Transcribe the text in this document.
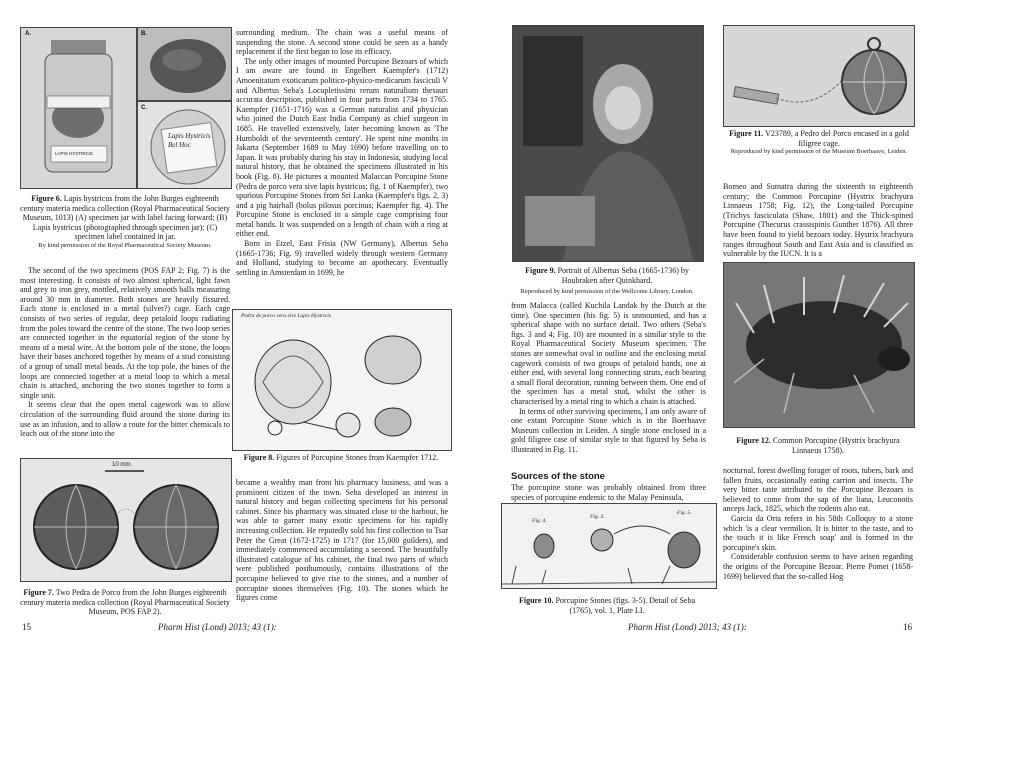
A.
LAPIS HYSTRICIS
B.
C.
Lapis Hystricis Bel Hoc
Figure 6. Lapis hystricus from the John Burges eighteenth century materia medica collection (Royal Pharmaceutical Society Museum, 1013) (A) specimen jar with label facing forward; (B) Lapis hystricus (photographed through specimen jar); (C) specimen label contained in jar.
By kind permission of the Royal Pharmaceutical Society Museum.

The second of the two specimens (POS FAP 2; Fig. 7) is the most interesting. It consists of two almost spherical, light fawn and grey to iron grey, mottled, relatively smooth balls measuring around 30 mm in diameter. Both stones are heavily fissured. Each stone is enclosed in a metal (silver?) cage. Each cage consists of two series of regular, deep petaloid loops radiating from the poles toward the centre of the stone. The two loop series are connected together in the equatorial region of the stone by means of a metal wire. At the bottom pole of the stone, the loops have their bases anchored together by means of a stud consisting of a group of small metal beads. At the top pole, the bases of the loops are connected together at a metal loop to which a metal chain is attached, anchoring the two stones together to form a single unit.

It seems clear that the open metal cagework was to allow circulation of the surrounding fluid around the stone during its use as an infusion, and to allow a route for the bitter chemicals to leach out of the stone into the

10 mm.
Figure 7. Two Pedra de Porco from the John Burges eighteenth century materia medica collection (Royal Pharmaceutical Society Museum, POS FAP 2).

surrounding medium. The chain was a useful means of suspending the stone. A second stone could be seen as a handy replacement if the first began to lose its efficacy.

The only other images of mounted Porcupine Bezoars of which I am aware are found in Engelbert Kaempfer's (1712) Amoenitatum exoticarum politico-physico-medicarum fasciculi V and Albertus Seba's Locupletissimi rerum naturalium thesauri accurata description, published in four parts from 1734 to 1765. Kaempfer (1651-1716) was a German naturalist and physician who joined the Dutch East India Company as chief surgeon in 1685. He travelled extensively, later becoming known as 'The Humboldt of the seventeenth century'. He spent nine months in Jakarta (September 1689 to May 1690) before travelling on to Japan. It was probably during his stay in Indonesia, studying local natural history, that he obtained the specimens illustrated in his book (Fig. 8). He pictures a mounted Malaccan Porcupine Stone (Pedra de porco vera sive lapis hystricus; fig. 1 of Kaempfer), two spurious Porcupine Stones from Sri Lanka (Kaempfer's figs. 2, 3) and a pig hairball (bolus pilosus porcinus; Kaempfer fig. 4). The Porcupine Stone is enclosed in a simple cage comprising four metal bands. It was suspended on a length of chain with a ring at either end.

Born in Etzel, East Frisia (NW Germany), Albertus Seba (1665-1736; Fig. 9) travelled widely through western Germany and Holland, studying to become an apothecary. Eventually settling in Amsterdam in 1699, he

Pedra de porco vera sive Lapis Hystricis
Figure 8. Figures of Porcupine Stones from Kaempfer 1712.

became a wealthy man from his pharmacy business, and was a prominent citizen of the town. Seba developed an interest in natural history and began collecting specimens for his personal cabinet. Since his pharmacy was situated close to the harbour, he was able to garner many exotic specimens for his rapidly increasing collection. He reputedly sold his first collection to Tsar Peter the Great (1672-1725) in 1717 (for 15,000 guilders), and immediately commenced accumulating a second. The beautifully illustrated catalogue of his cabinet, the final two parts of which were published posthumously, contains illustrations of the porcupine believed to give rise to the stones, and a number of porcupine stones themselves (Fig. 10). The stones which he figures come

15	Pharm Hist (Lond) 2013; 43 (1):
Figure 9. Portrait of Albertus Seba (1665-1736) by Houbraken after Quinkhard.
Reproduced by kind permission of the Wellcome Library, London.

from Malacca (called Kuchila Landak by the Dutch at the time). One specimen (his fig. 5) is unmounted, and has a spherical shape with no surface detail. Two others (Seba's figs. 3 and 4; Fig. 10) are mounted in a similar style to the Royal Pharmaceutical Society Museum specimen. The stones are somewhat oval in outline and the enclosing metal cagework consists of two groups of petaloid bands, one at either end, with several long connecting struts, each bearing a small floral decoration, running between them. One end of the specimen has a metal stud, whilst the other is characterised by a metal ring to which a chain is attached.

In terms of other surviving specimens, I am only aware of one extant Porcupine Stone which is in the Boerhaave Museum collection in Leiden. A single stone enclosed in a gold filigree case of similar style to that figured by Seba is illustrated in Fig. 11.

Sources of the stone

The porcupine stone was probably obtained from three species of porcupine endemic to the Malay Peninsula,

Fig. 4.
Fig. 3.
Fig. 5.
Figure 10. Porcupine Stones (figs. 3-5). Detail of Seba (1765), vol. 1, Plate LI.
Figure 11. V23789, a Pedro del Porco encased in a gold filigree cage.
Reproduced by kind permission of the Museum Boerhaave, Leiden.

Borneo and Sumatra during the sixteenth to eighteenth century; the Common Porcupine (Hystrix brachyura Linnaeus 1758; Fig. 12), the Long-tailed Porcupine (Trichys fasciculata (Shaw, 1801) and the Thick-spined Porcupine (Thecurus crassispinis Gunther 1876). All three have been found to yield bezoars today. Hystrix brachyura ranges throughout South and East Asia and is classified as vulnerable by the IUCN. It is a

Figure 12. Common Porcupine (Hystrix brachyura Linnaeus 1758).

nocturnal, forest dwelling forager of roots, tubers, bark and fallen fruits, occasionally eating carrion and insects. The very bitter taste attributed to the Porcupine Bezoars is believed to come from the sap of the liana, Leuconotis anceps Jack, 1825, which the rodents also eat.

Garcia da Orta refers in his 58th Colloquy to a stone which 'is a clear vermilion. It is bitter to the taste, and to the touch it is like French soap' and is formed in the porcupine's skin.

Considerable confusion seems to have arisen regarding the origins of the Porcupine Bezoar. Pierre Pomet (1658-1699) believed that the so-called Hog

Pharm Hist (Lond) 2013; 43 (1):	16
